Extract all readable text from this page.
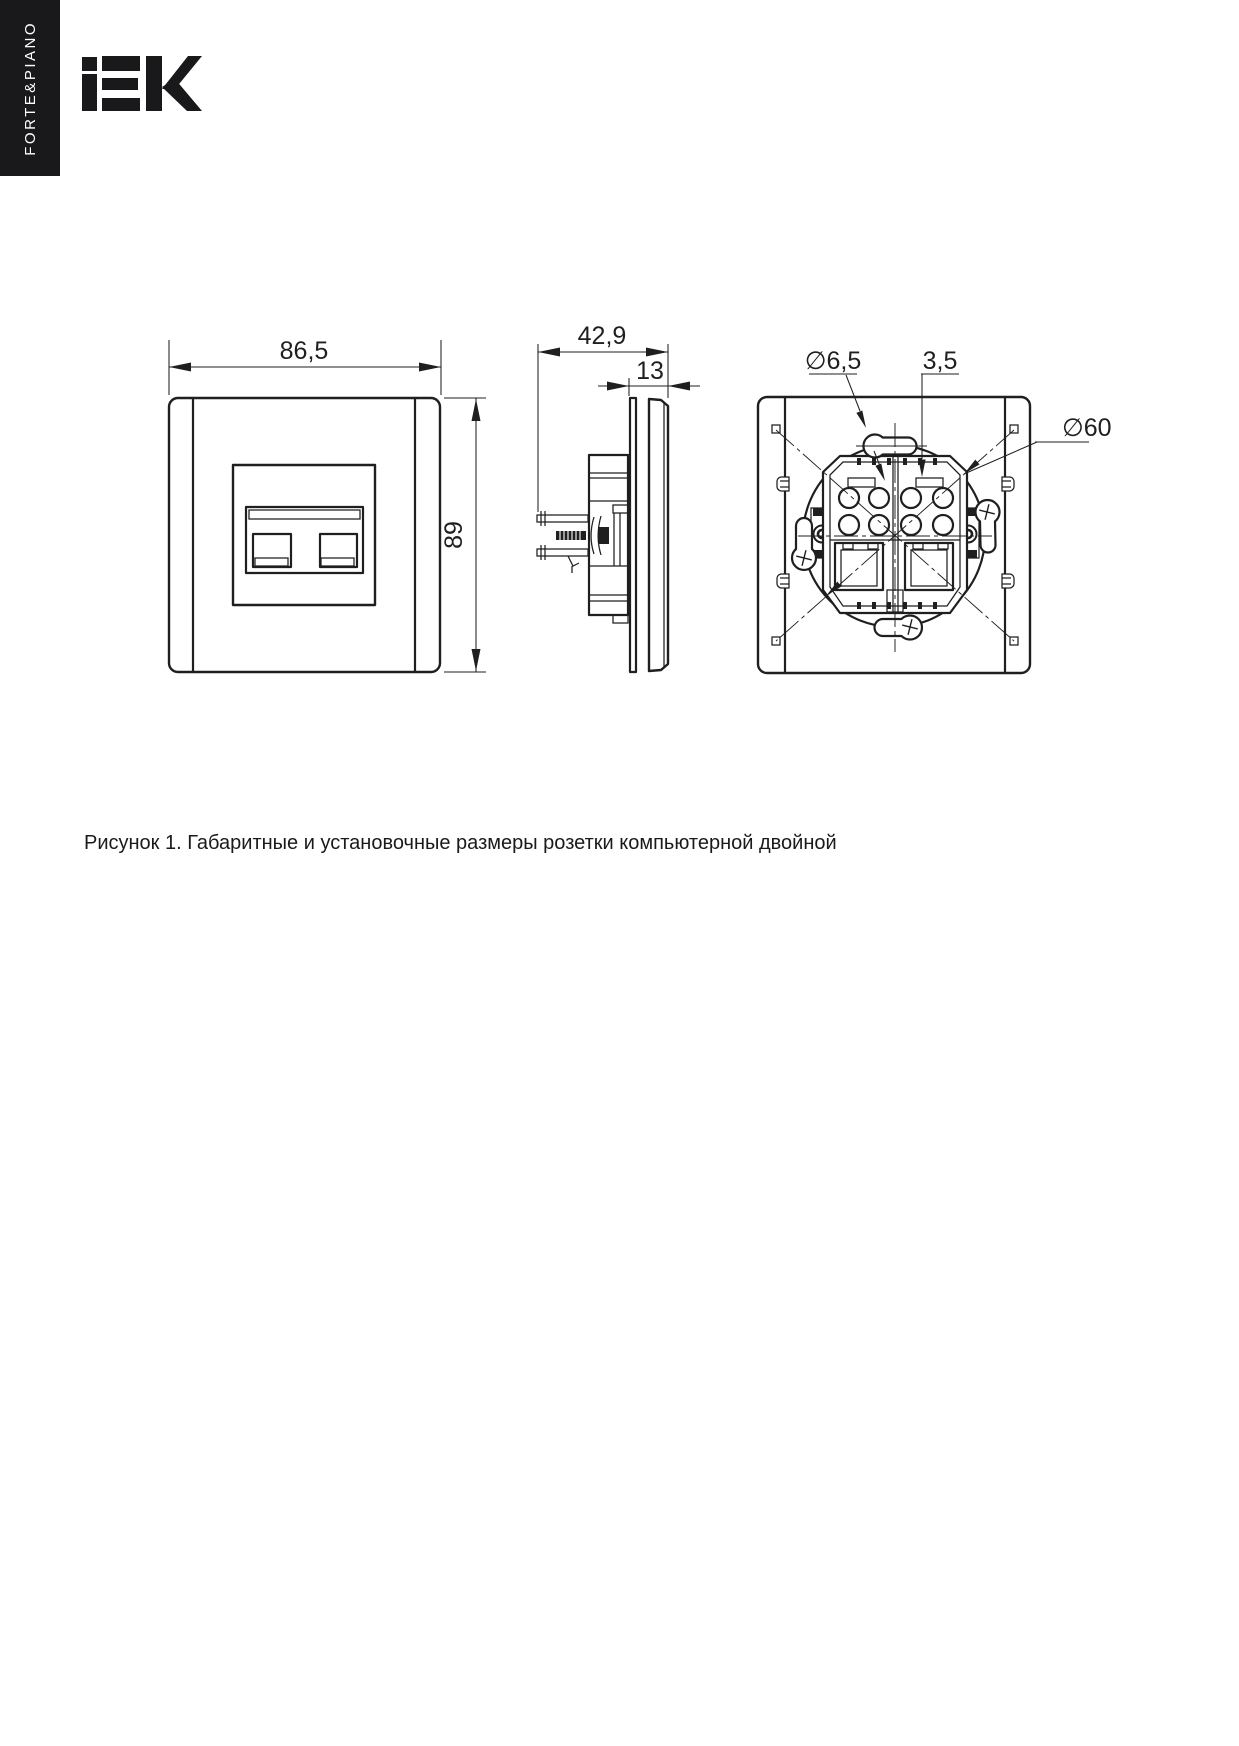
FORTE&PIANO
86,5
89
42,9
13	∅6,5 3,5
∅60
Рисунок 1. Габаритные и установочные размеры розетки компьютерной двойной
